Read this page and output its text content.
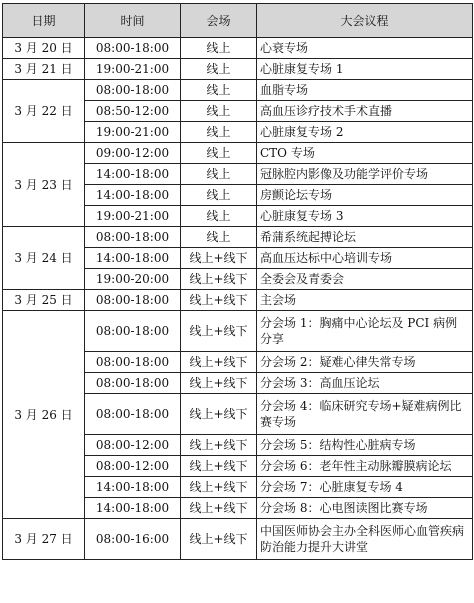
日期	时间	会场	大会议程
3 月 20 日	08:00-18:00	线上	心衰专场
3 月 21 日	19:00-21:00	线上	心脏康复专场 1
3 月 22 日	08:00-18:00	线上	血脂专场
	08:50-12:00	线上	高血压诊疗技术手术直播
	19:00-21:00	线上	心脏康复专场 2
3 月 23 日	09:00-12:00	线上	CTO 专场
	14:00-18:00	线上	冠脉腔内影像及功能学评价专场
	14:00-18:00	线上	房颤论坛专场
	19:00-21:00	线上	心脏康复专场 3
3 月 24 日	08:00-18:00	线上	希蒲系统起搏论坛
	14:00-18:00	线上+线下	高血压达标中心培训专场
	19:00-20:00	线上+线下	全委会及青委会
3 月 25 日	08:00-18:00	线上+线下	主会场
3 月 26 日	08:00-18:00	线上+线下	分会场 1：胸痛中心论坛及 PCI 病例分享
	08:00-18:00	线上+线下	分会场 2：疑难心律失常专场
	08:00-18:00	线上+线下	分会场 3：高血压论坛
	08:00-18:00	线上+线下	分会场 4：临床研究专场+疑难病例比赛专场
	08:00-12:00	线上+线下	分会场 5：结构性心脏病专场
	08:00-12:00	线上+线下	分会场 6：老年性主动脉瓣膜病论坛
	14:00-18:00	线上+线下	分会场 7：心脏康复专场 4
	14:00-18:00	线上+线下	分会场 8：心电图读图比赛专场
3 月 27 日	08:00-16:00	线上+线下	中国医师协会主办全科医师心血管疾病防治能力提升大讲堂
